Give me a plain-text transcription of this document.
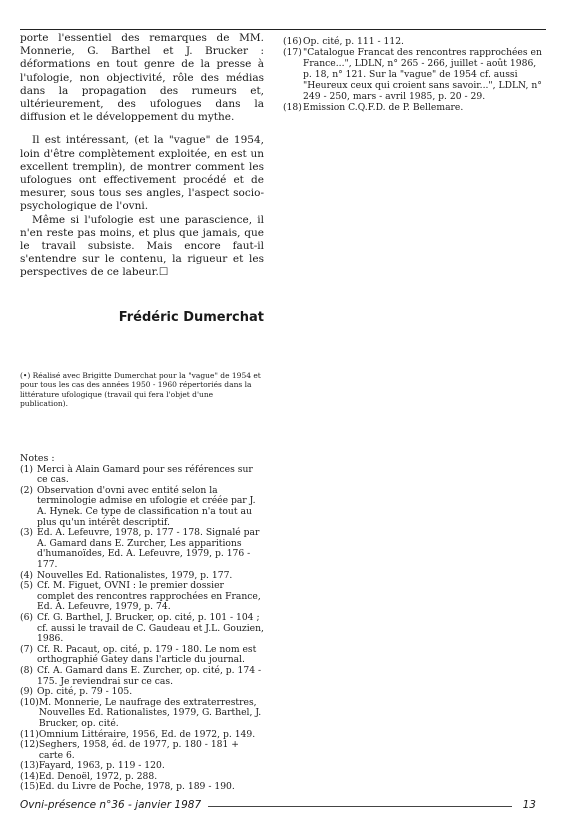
porte l'essentiel des remarques de MM. Monnerie, G. Barthel et J. Brucker : déformations en tout genre de la presse à l'ufologie, non objectivité, rôle des médias dans la propagation des rumeurs et, ultérieurement, des ufologues dans la diffusion et le développement du mythe.

Il est intéressant, (et la "vague" de 1954, loin d'être complètement exploitée, en est un excellent tremplin), de montrer comment les ufologues ont effectivement procédé et de mesurer, sous tous ses angles, l'aspect socio-psychologique de l'ovni.

Même si l'ufologie est une parascience, il n'en reste pas moins, et plus que jamais, que le travail subsiste. Mais encore faut-il s'entendre sur le contenu, la rigueur et les perspectives de ce labeur.☐

Frédéric Dumerchat
(•) Réalisé avec Brigitte Dumerchat pour la "vague" de 1954 et pour tous les cas des années 1950 - 1960 répertoriés dans la littérature ufologique (travail qui fera l'objet d'une publication).
Notes :
(1) Merci à Alain Gamard pour ses références sur ce cas.
(2) Observation d'ovni avec entité selon la terminologie admise en ufologie et créée par J. A. Hynek. Ce type de classification n'a tout au plus qu'un intérêt descriptif.
(3) Ed. A. Lefeuvre, 1978, p. 177 - 178. Signalé par A. Gamard dans E. Zurcher, Les apparitions d'humanoïdes, Ed. A. Lefeuvre, 1979, p. 176 - 177.
(4) Nouvelles Ed. Rationalistes, 1979, p. 177.
(5) Cf. M. Figuet, OVNI : le premier dossier complet des rencontres rapprochées en France, Ed. A. Lefeuvre, 1979, p. 74.
(6) Cf. G. Barthel, J. Brucker, op. cité, p. 101 - 104 ; cf. aussi le travail de C. Gaudeau et J.L. Gouzien, 1986.
(7) Cf. R. Pacaut, op. cité, p. 179 - 180. Le nom est orthographié Gatey dans l'article du journal.
(8) Cf. A. Gamard dans E. Zurcher, op. cité, p. 174 - 175. Je reviendrai sur ce cas.
(9) Op. cité, p. 79 - 105.
(10) M. Monnerie, Le naufrage des extraterrestres, Nouvelles Ed. Rationalistes, 1979, G. Barthel, J. Brucker, op. cité.
(11) Omnium Littéraire, 1956, Ed. de 1972, p. 149.
(12) Seghers, 1958, éd. de 1977, p. 180 - 181 + carte 6.
(13) Fayard, 1963, p. 119 - 120.
(14) Ed. Denoël, 1972, p. 288.
(15) Ed. du Livre de Poche, 1978, p. 189 - 190.
(16) Op. cité, p. 111 - 112.
(17) "Catalogue Francat des rencontres rapprochées en France...", LDLN, n° 265 - 266, juillet - août 1986, p. 18, n° 121. Sur la "vague" de 1954 cf. aussi "Heureux ceux qui croient sans savoir...", LDLN, n° 249 - 250, mars - avril 1985, p. 20 - 29.
(18) Emission C.Q.F.D. de P. Bellemare.
Ovni-présence n°36 - janvier 1987	13
